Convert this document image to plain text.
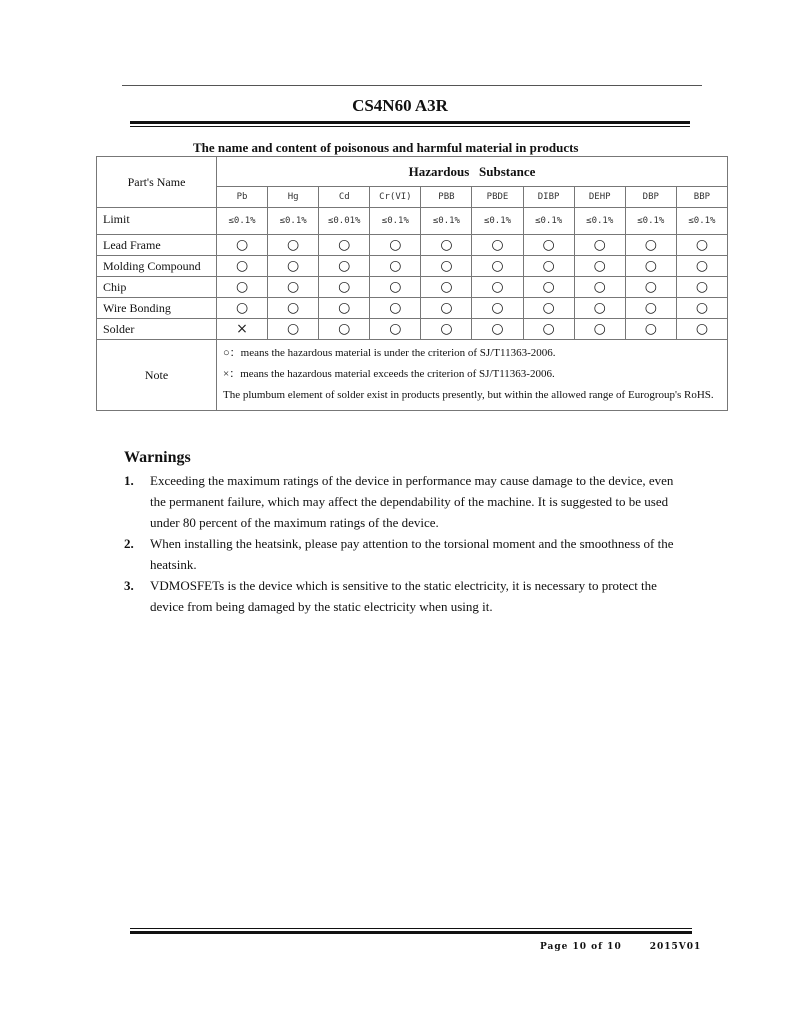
CS4N60 A3R
The name and content of poisonous and harmful material in products
Part's Name	Hazardous   Substance									
	Pb	Hg	Cd	Cr(VI)	PBB	PBDE	DIBP	DEHP	DBP	BBP
Limit	≤0.1%	≤0.1%	≤0.01%	≤0.1%	≤0.1%	≤0.1%	≤0.1%	≤0.1%	≤0.1%	≤0.1%
Lead Frame	○	○	○	○	○	○	○	○	○	○
Molding Compound	○	○	○	○	○	○	○	○	○	○
Chip	○	○	○	○	○	○	○	○	○	○
Wire Bonding	○	○	○	○	○	○	○	○	○	○
Solder	×	○	○	○	○	○	○	○	○	○
Note	○：means the hazardous material is under the criterion of SJ/T11363-2006.
×：means the hazardous material exceeds the criterion of SJ/T11363-2006.
The plumbum element of solder exist in products presently, but within the allowed range of Eurogroup's RoHS.									
Warnings
1.	Exceeding the maximum ratings of the device in performance may cause damage to the device, even the permanent failure, which may affect the dependability of the machine. It is suggested to be used under 80 percent of the maximum ratings of the device.
2.	When installing the heatsink, please pay attention to the torsional moment and the smoothness of the heatsink.
3.	VDMOSFETs is the device which is sensitive to the static electricity, it is necessary to protect the device from being damaged by the static electricity when using it.
Page 10 of 10	2015V01
